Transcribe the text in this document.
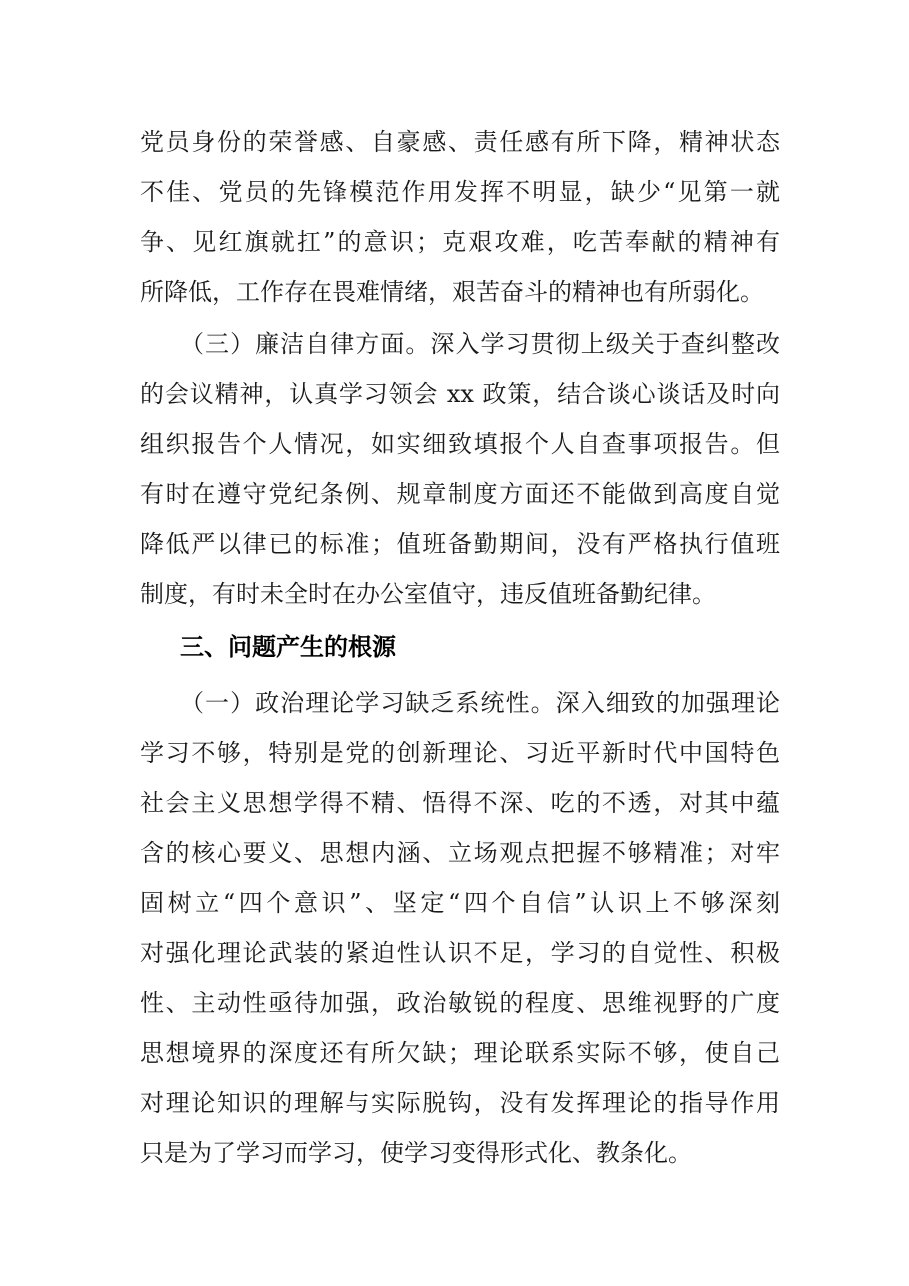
党员身份的荣誉感、自豪感、责任感有所下降，精神状态
不佳、党员的先锋模范作用发挥不明显，缺少“见第一就
争、见红旗就扛”的意识；克艰攻难，吃苦奉献的精神有
所降低，工作存在畏难情绪，艰苦奋斗的精神也有所弱化。
（三）廉洁自律方面。深入学习贯彻上级关于查纠整改
的会议精神，认真学习领会 xx 政策，结合谈心谈话及时向
组织报告个人情况，如实细致填报个人自查事项报告。但
有时在遵守党纪条例、规章制度方面还不能做到高度自觉
降低严以律已的标准；值班备勤期间，没有严格执行值班
制度，有时未全时在办公室值守，违反值班备勤纪律。
三、问题产生的根源
（一）政治理论学习缺乏系统性。深入细致的加强理论
学习不够，特别是党的创新理论、习近平新时代中国特色
社会主义思想学得不精、悟得不深、吃的不透，对其中蕴
含的核心要义、思想内涵、立场观点把握不够精准；对牢
固树立“四个意识”、坚定“四个自信”认识上不够深刻
对强化理论武装的紧迫性认识不足，学习的自觉性、积极
性、主动性亟待加强，政治敏锐的程度、思维视野的广度
思想境界的深度还有所欠缺；理论联系实际不够，使自己
对理论知识的理解与实际脱钩，没有发挥理论的指导作用
只是为了学习而学习，使学习变得形式化、教条化。
